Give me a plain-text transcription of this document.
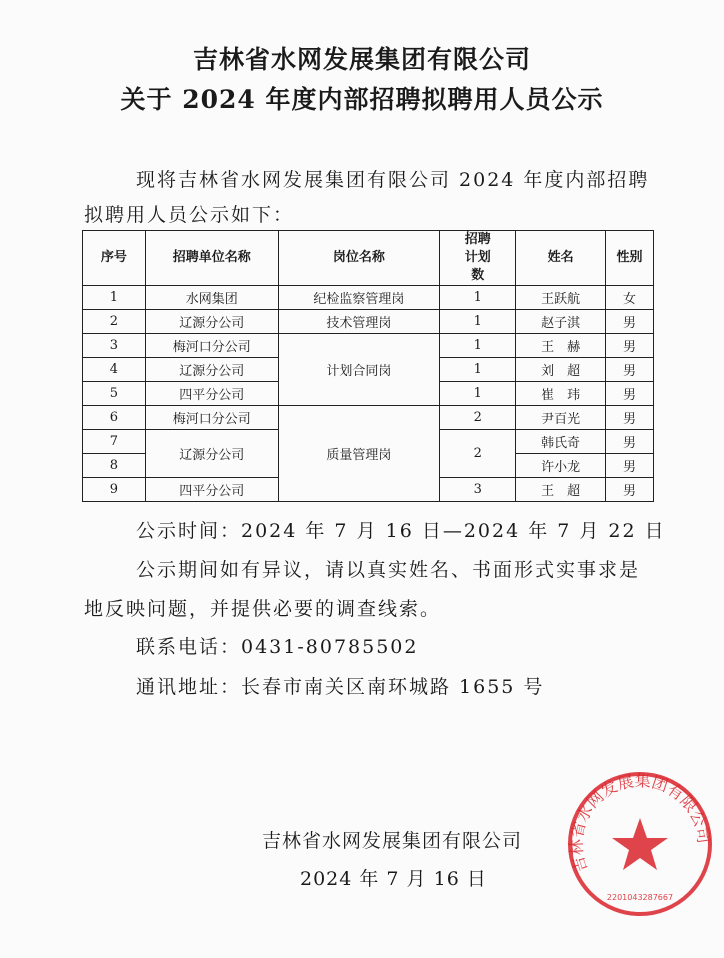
吉林省水网发展集团有限公司
关于 2024 年度内部招聘拟聘用人员公示
现将吉林省水网发展集团有限公司 2024 年度内部招聘
拟聘用人员公示如下：
序号	招聘单位名称	岗位名称	招聘计划数	姓名	性别
1	水网集团	纪检监察管理岗	1	王跃航	女
2	辽源分公司	技术管理岗	1	赵子淇	男
3	梅河口分公司	计划合同岗	1	王　赫	男
4	辽源分公司		1	刘　超	男
5	四平分公司		1	崔　玮	男
6	梅河口分公司	质量管理岗	2	尹百光	男
7	辽源分公司		2	韩氏奇	男
8				许小龙	男
9	四平分公司		3	王　超	男
公示时间：2024 年 7 月 16 日—2024 年 7 月 22 日
公示期间如有异议，请以真实姓名、书面形式实事求是
地反映问题，并提供必要的调查线索。
联系电话：0431-80785502
通讯地址：长春市南关区南环城路 1655 号
吉林省水网发展集团有限公司
2024 年 7 月 16 日
吉林省水网发展集团有限公司
2201043287667
